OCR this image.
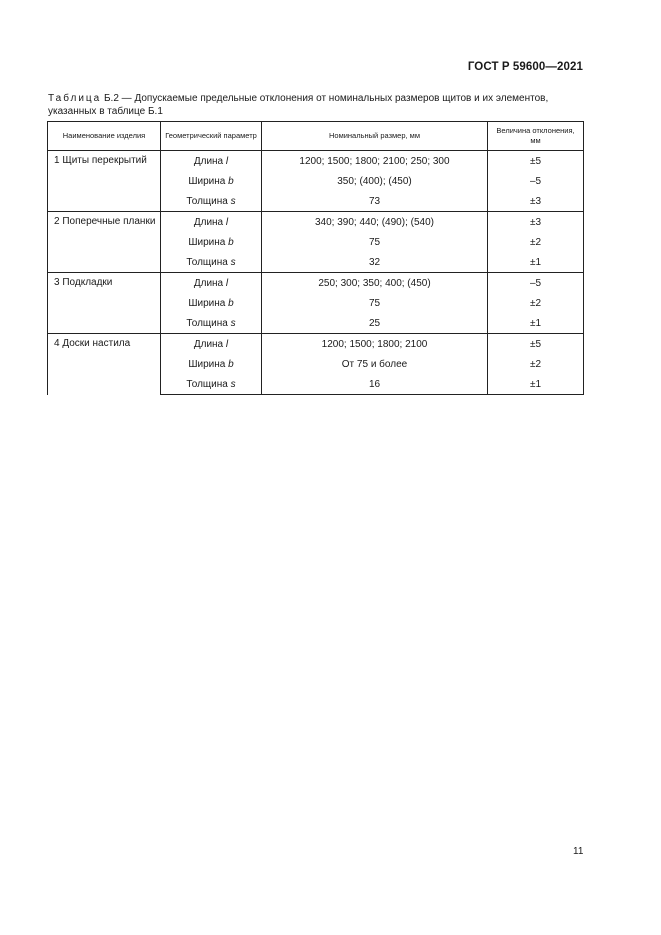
ГОСТ Р 59600—2021
Таблица Б.2 — Допускаемые предельные отклонения от номинальных размеров щитов и их элементов, указанных в таблице Б.1
Наименование изделия	Геометрический параметр	Номинальный размер, мм	Величина отклонения, мм
1 Щиты перекрытий	Длина l	1200; 1500; 1800; 2100; 250; 300	±5
	Ширина b	350; (400); (450)	–5
	Толщина s	73	±3
2 Поперечные планки	Длина l	340; 390; 440; (490); (540)	±3
	Ширина b	75	±2
	Толщина s	32	±1
3 Подкладки	Длина l	250; 300; 350; 400; (450)	–5
	Ширина b	75	±2
	Толщина s	25	±1
4 Доски настила	Длина l	1200; 1500; 1800; 2100	±5
	Ширина b	От 75 и более	±2
	Толщина s	16	±1
11
